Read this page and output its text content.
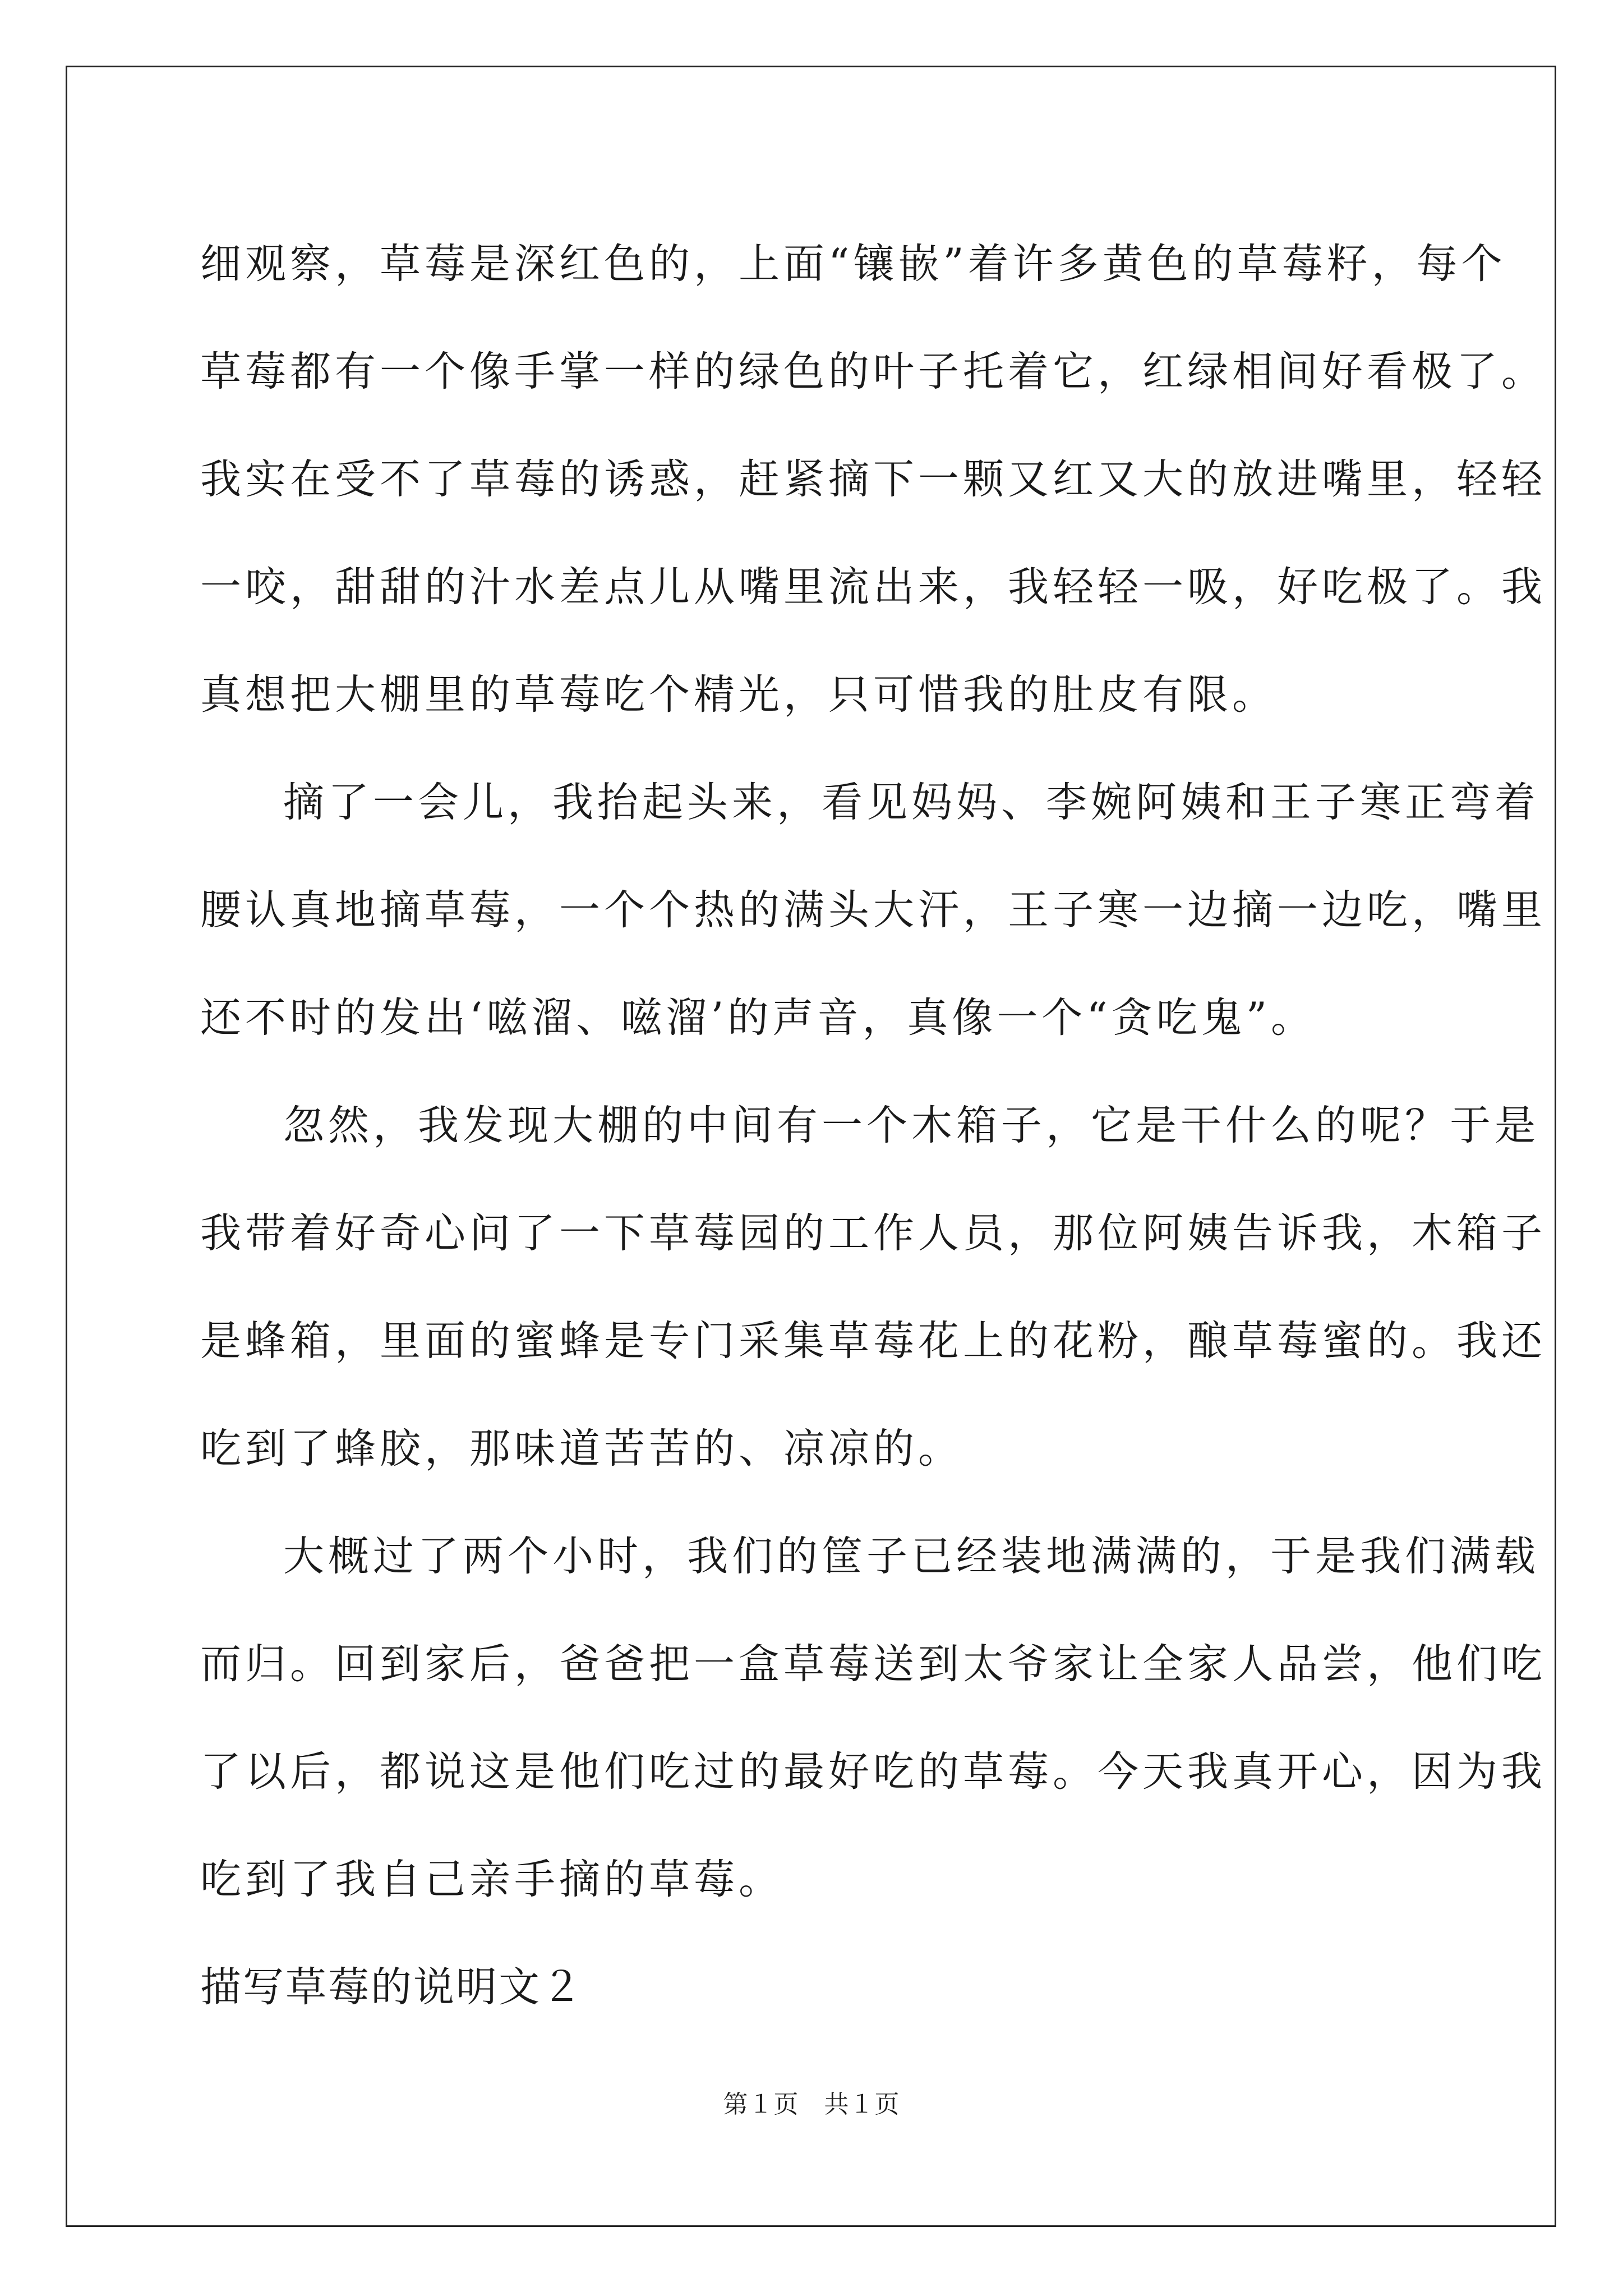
细观察，草莓是深红色的，上面“镶嵌”着许多黄色的草莓籽，每个

草莓都有一个像手掌一样的绿色的叶子托着它，红绿相间好看极了。

我实在受不了草莓的诱惑，赶紧摘下一颗又红又大的放进嘴里，轻轻

一咬，甜甜的汁水差点儿从嘴里流出来，我轻轻一吸，好吃极了。我

真想把大棚里的草莓吃个精光，只可惜我的肚皮有限。

摘了一会儿，我抬起头来，看见妈妈、李婉阿姨和王子寒正弯着

腰认真地摘草莓，一个个热的满头大汗，王子寒一边摘一边吃，嘴里

还不时的发出‘嗞溜、嗞溜’的声音，真像一个“贪吃鬼”。

忽然，我发现大棚的中间有一个木箱子，它是干什么的呢？于是

我带着好奇心问了一下草莓园的工作人员，那位阿姨告诉我，木箱子

是蜂箱，里面的蜜蜂是专门采集草莓花上的花粉，酿草莓蜜的。我还

吃到了蜂胶，那味道苦苦的、凉凉的。

大概过了两个小时，我们的筐子已经装地满满的，于是我们满载

而归。回到家后，爸爸把一盒草莓送到太爷家让全家人品尝，他们吃

了以后，都说这是他们吃过的最好吃的草莓。今天我真开心，因为我

吃到了我自己亲手摘的草莓。

描写草莓的说明文２

第１页　共１页
